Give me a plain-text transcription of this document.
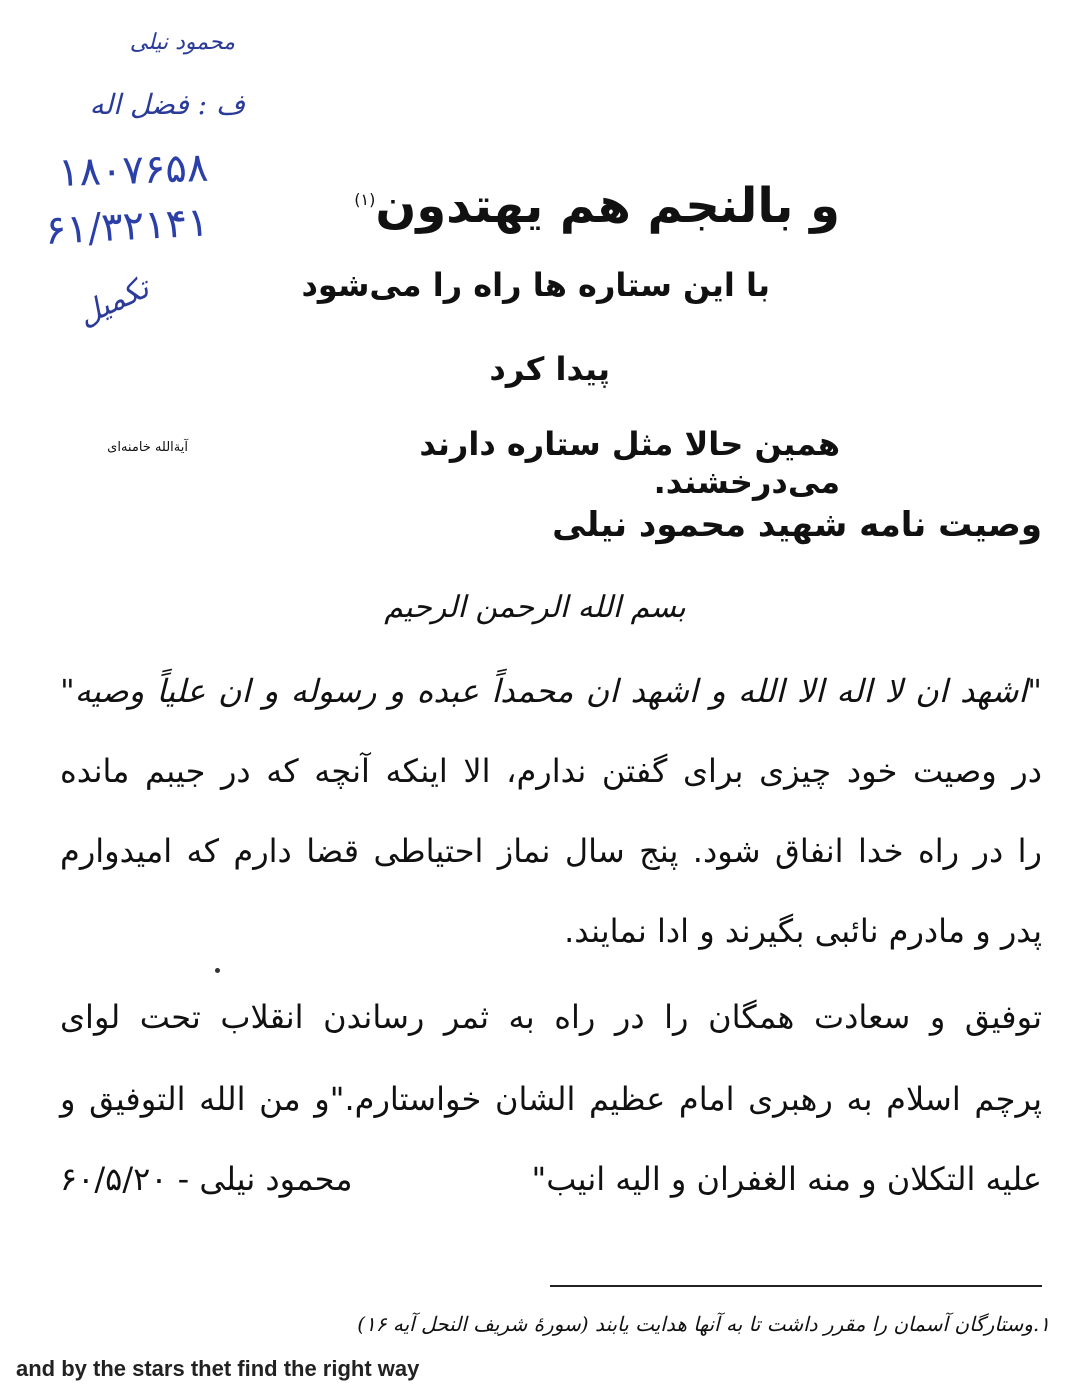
محمود نیلی
ف : فضل اله
۱۸۰۷۶۵۸
۶۱/۳۲۱۴۱
تکمیل
و بالنجم هم يهتدون$^{(۱)}$
با این ستاره ها راه را می‌شود
پیدا کرد
همین حالا مثل ستاره دارند می‌درخشند.
آیة‌الله خامنه‌ای
وصیت نامه شهید محمود نیلی
بسم الله الرحمن الرحیم
"اشهد ان لا اله الا الله و اشهد ان محمداً عبده و رسوله و ان علیاً وصیه"
در وصیت خود چیزی برای گفتن ندارم، الا اینکه آنچه که در جیبم مانده
را در راه خدا انفاق شود. پنج سال نماز احتیاطی قضا دارم که امیدوارم
پدر و مادرم نائبی بگیرند و ادا نمایند.
توفیق و سعادت همگان را در راه به ثمر رساندن انقلاب تحت لوای
پرچم اسلام به رهبری امام عظیم الشان خواستارم."و من الله التوفیق و
علیه التکلان و منه الغفران و الیه انیب"
محمود نیلی - ۶۰/۵/۲۰
۱.وستارگان آسمان را مقرر داشت تا به آنها هدایت یابند (سورهٔ شریف النحل آیه ۱۶)
and by the stars thet find the right way
